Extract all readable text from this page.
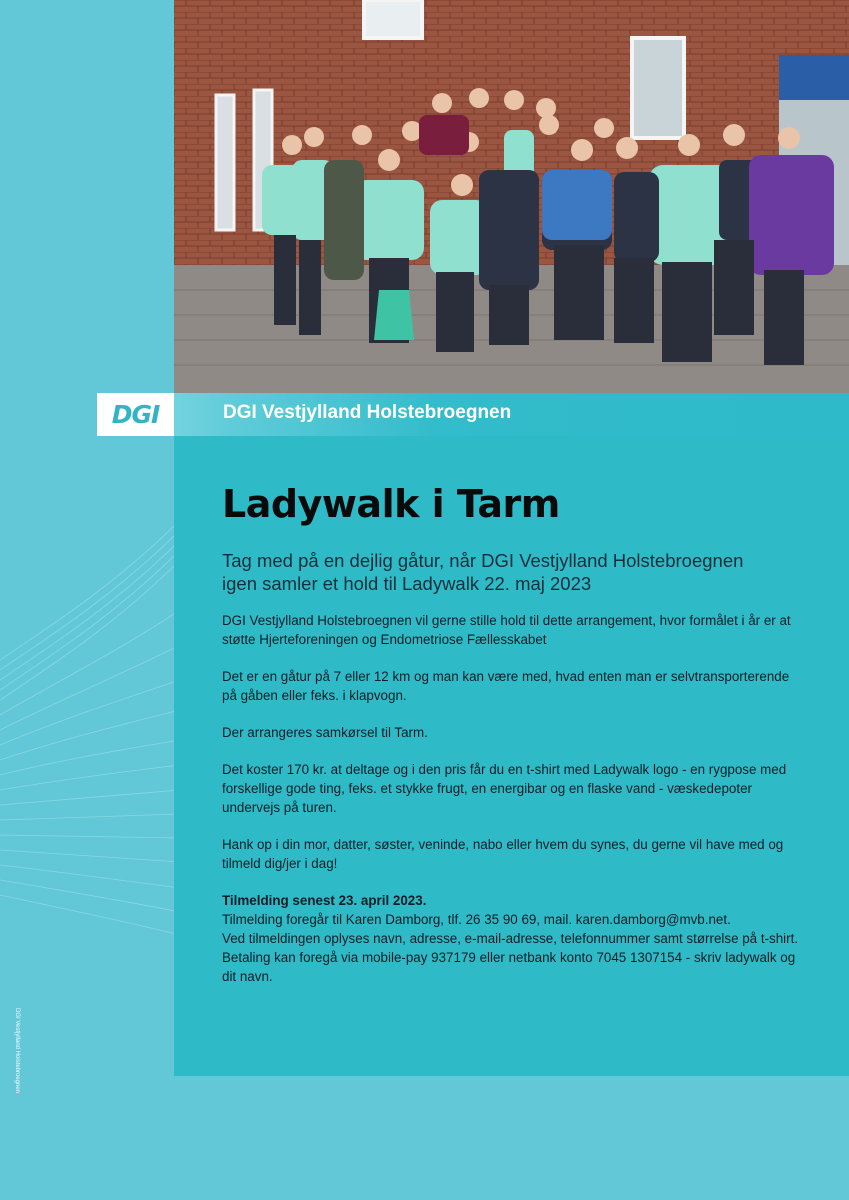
DGI	DGI Vestjylland Holstebroegnen
Ladywalk i Tarm

Tag med på en dejlig gåtur, når DGI Vestjylland Holstebroegnen
igen samler et hold til Ladywalk 22. maj 2023

DGI Vestjylland Holstebroegnen vil gerne stille hold til dette arrangement, hvor formålet i år er at støtte Hjerteforeningen og Endometriose Fællesskabet

Det er en gåtur på 7 eller 12 km og man kan være med, hvad enten man er selvtransporterende på gåben eller feks. i klapvogn.

Der arrangeres samkørsel til Tarm.

Det koster 170 kr. at deltage og i den pris får du en t-shirt med Ladywalk logo - en rygpose med forskellige gode ting, feks. et stykke frugt, en energibar og en flaske vand - væskedepoter undervejs på turen.

Hank op i din mor, datter, søster, veninde, nabo eller hvem du synes, du gerne vil have med og tilmeld dig/jer i dag!

Tilmelding senest 23. april 2023.

Tilmelding foregår til Karen Damborg, tlf. 26 35 90 69, mail. karen.damborg@mvb.net.

Ved tilmeldingen oplyses navn, adresse, e-mail-adresse, telefonnummer samt størrelse på t-shirt.

Betaling kan foregå via mobile-pay 937179 eller netbank konto 7045 1307154 - skriv ladywalk og dit navn.

DGI Vestjylland Holstebroegnen
